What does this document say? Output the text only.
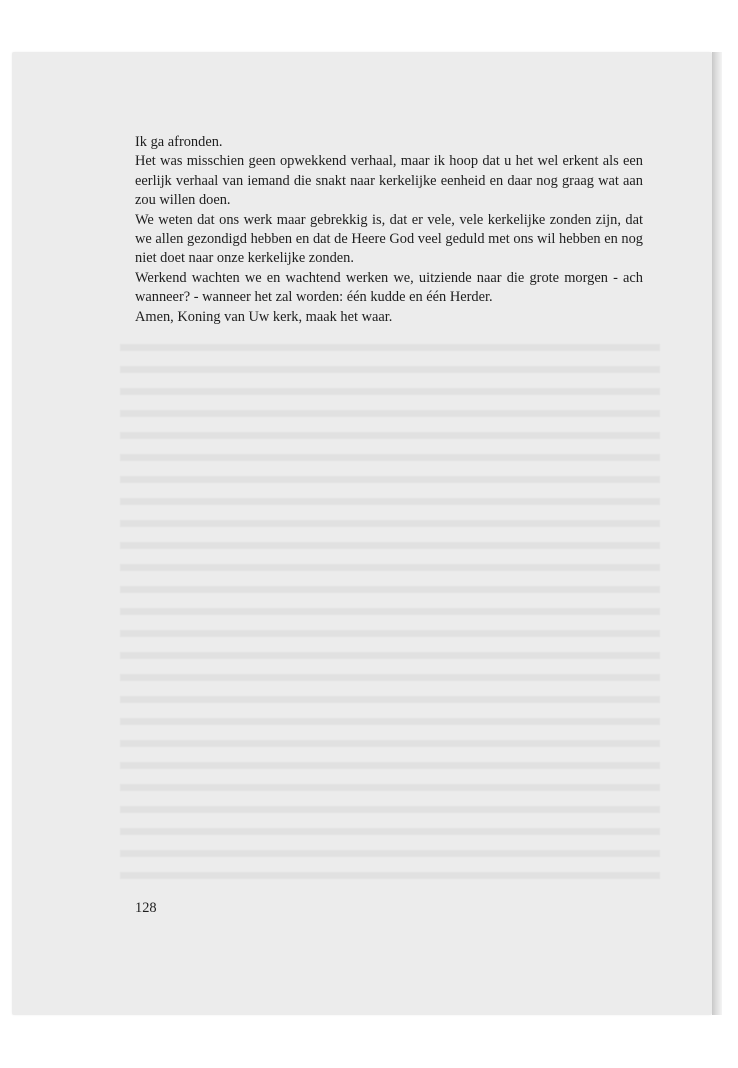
Ik ga afronden.

Het was misschien geen opwekkend verhaal, maar ik hoop dat u het wel erkent als een eerlijk verhaal van iemand die snakt naar kerkelijke eenheid en daar nog graag wat aan zou willen doen.

We weten dat ons werk maar gebrekkig is, dat er vele, vele kerkelijke zonden zijn, dat we allen gezondigd hebben en dat de Heere God veel geduld met ons wil hebben en nog niet doet naar onze kerkelijke zonden.

Werkend wachten we en wachtend werken we, uitziende naar die grote morgen - ach wanneer? - wanneer het zal worden: één kudde en één Herder.

Amen, Koning van Uw kerk, maak het waar.

128
